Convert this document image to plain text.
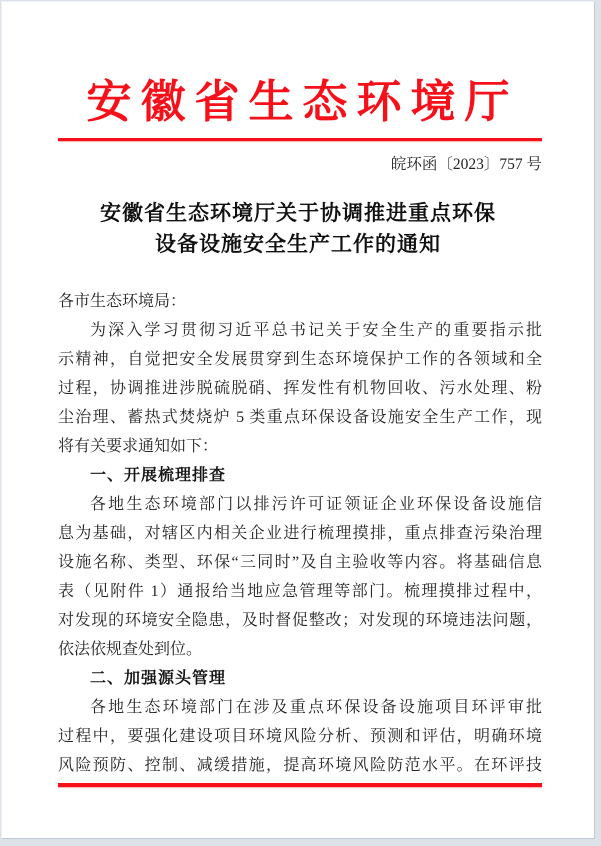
安徽省生态环境厅
皖环函〔2023〕757 号
安徽省生态环境厅关于协调推进重点环保
设备设施安全生产工作的通知
各市生态环境局：
为深入学习贯彻习近平总书记关于安全生产的重要指示批
示精神，自觉把安全发展贯穿到生态环境保护工作的各领域和全
过程，协调推进涉脱硫脱硝、挥发性有机物回收、污水处理、粉
尘治理、蓄热式焚烧炉 5 类重点环保设备设施安全生产工作，现
将有关要求通知如下：
一、开展梳理排查
各地生态环境部门以排污许可证领证企业环保设备设施信
息为基础，对辖区内相关企业进行梳理摸排，重点排查污染治理
设施名称、类型、环保“三同时”及自主验收等内容。将基础信息
表（见附件 1）通报给当地应急管理等部门。梳理摸排过程中，
对发现的环境安全隐患，及时督促整改；对发现的环境违法问题，
依法依规查处到位。
二、加强源头管理
各地生态环境部门在涉及重点环保设备设施项目环评审批
过程中，要强化建设项目环境风险分析、预测和评估，明确环境
风险预防、控制、减缓措施，提高环境风险防范水平。在环评技
